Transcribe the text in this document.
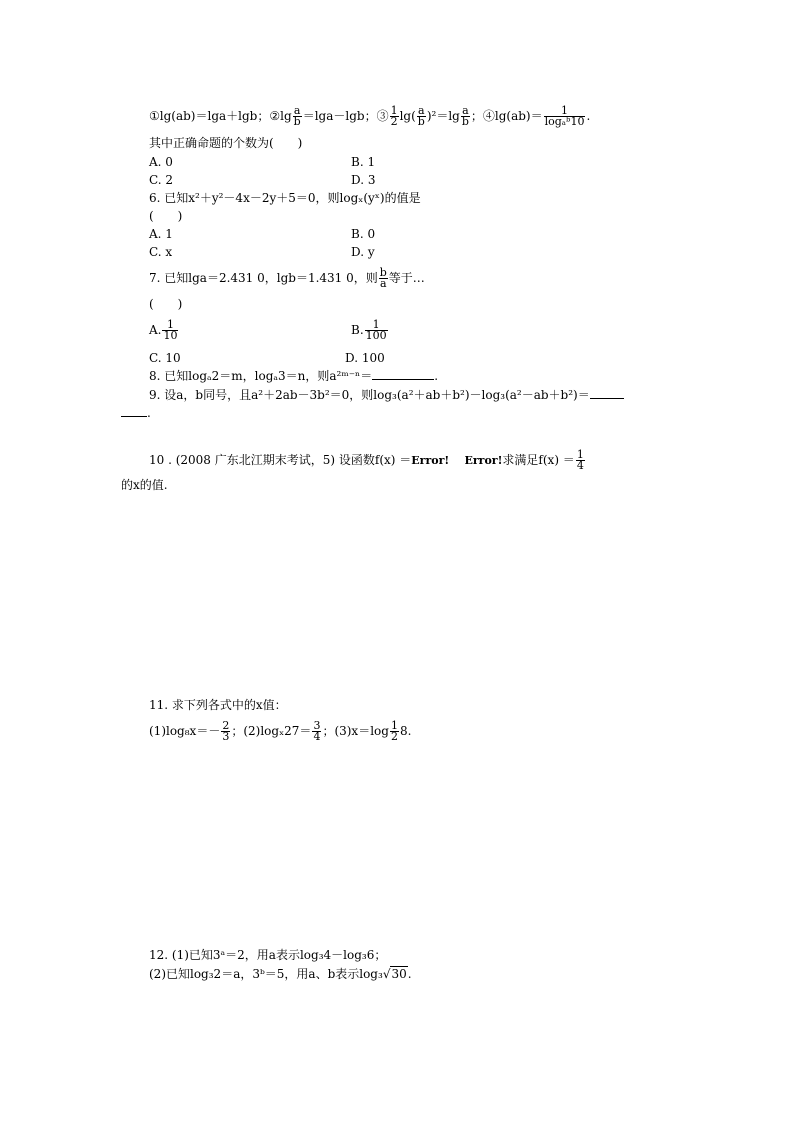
①lg(ab)＝lga＋lgb；②lg $\frac{a}{b} =\lg a-\lg b$；③ $\frac{1}{2} \lg( \frac{a}{b} )^2=\lg \frac{a}{b}$ ；④lg(ab)＝ $\frac{1}{\text{logₐᵇ10}}$ .
其中正确命题的个数为(　　)
A. 0	B. 1
C. 2	D. 3
6. 已知x²＋y²－4x－2y＋5＝0，则logₓ(yˣ)的值是
(　　)
A. 1	B. 0
C. x	D. y
7. 已知lga＝2.431 0，lgb＝1.431 0，则 $\frac{b}{a}$ 等于…
(　　)
A. $\frac{1}{10}$	B. $\frac{1}{100}$
C. 10	D. 100
8. 已知logₐ2＝m，logₐ3＝n，则a²ᵐ⁻ⁿ＝	.
9. 设a，b同号，且a²＋2ab－3b²＝0，则log₃(a²＋ab＋b²)－log₃(a²－ab＋b²)＝
.
10 . (2008 广东北江期末考试，5) 设函数f(x) ＝Error! Error!求满足$f(x) = \frac{1}{4}$
的x的值.
11. 求下列各式中的x值：
$(1)\log_8x=- \frac{2}{3}$ ；$(2)\log_x27= \frac{3}{4}$ ；$(3)x=\log \frac{1}{2} 8$.
12. (1)已知3ᵃ＝2，用a表示log₃4－log₃6；
(2)已知log₃2＝a，3ᵇ＝5，用a、b表示log₃√30.
